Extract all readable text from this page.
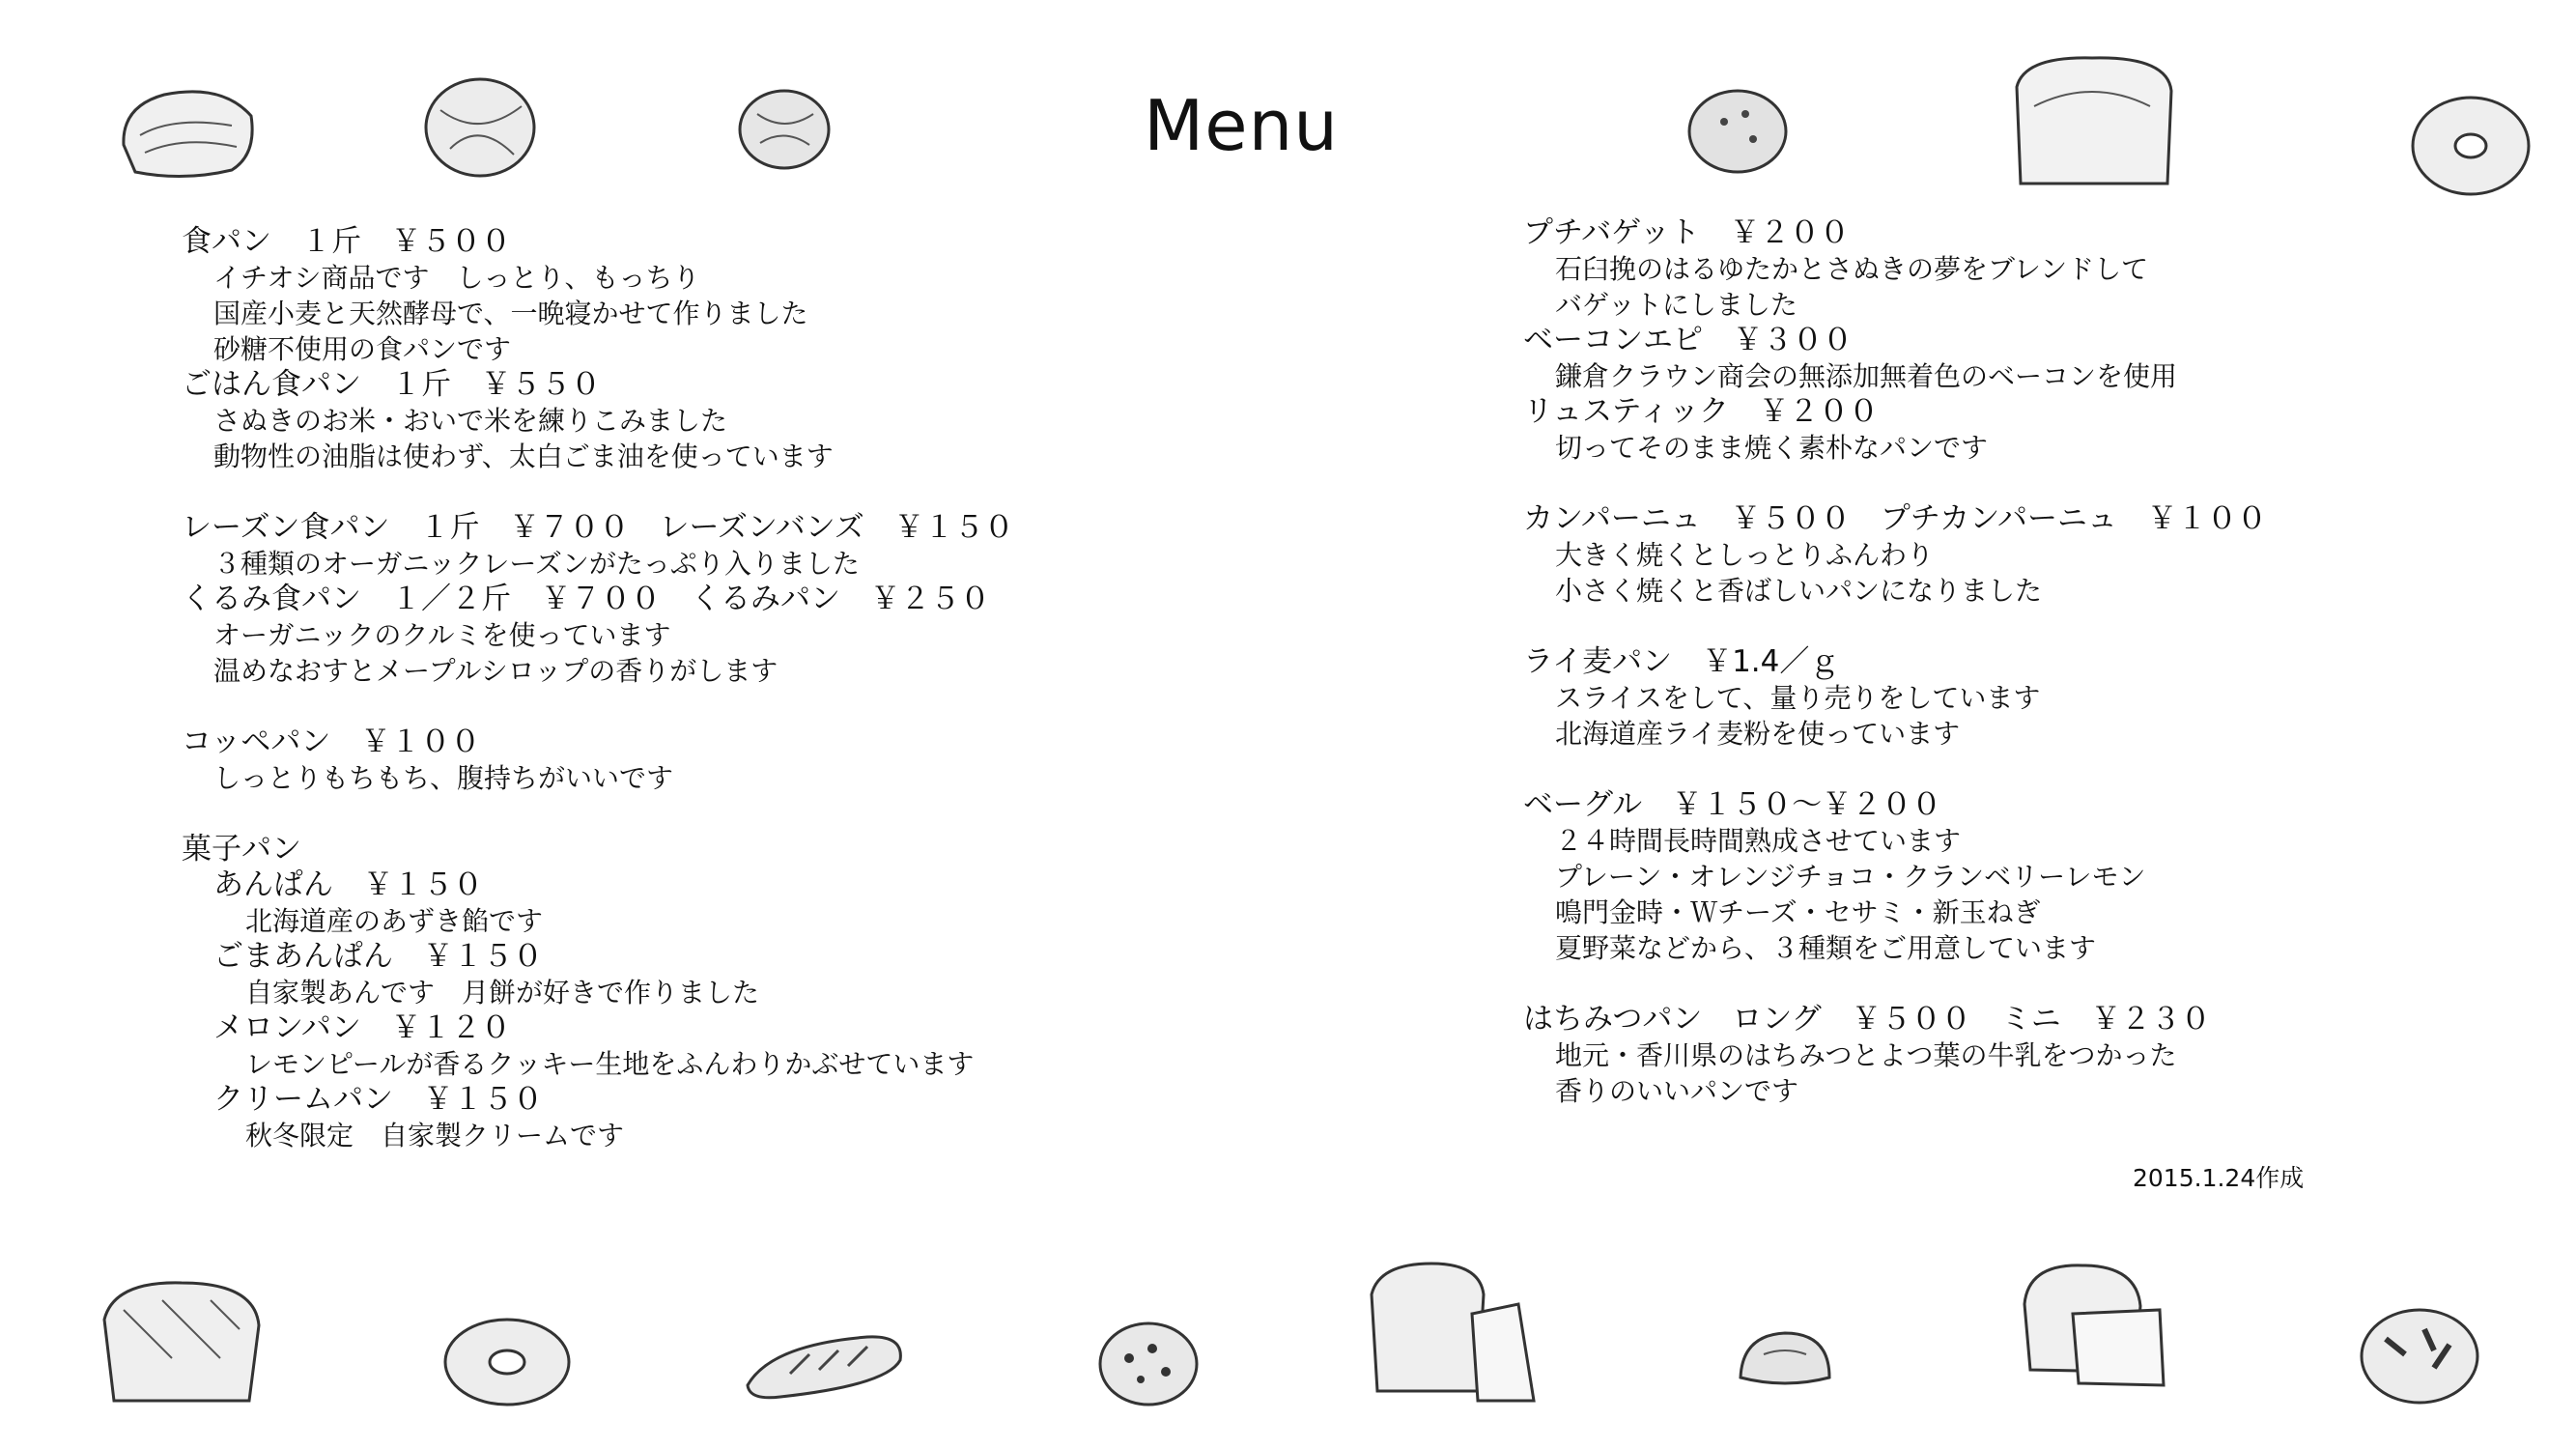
Menu
食パン　１斤　￥５００
イチオシ商品です　しっとり、もっちり
国産小麦と天然酵母で、一晩寝かせて作りました
砂糖不使用の食パンです
ごはん食パン　１斤　￥５５０
さぬきのお米・おいで米を練りこみました
動物性の油脂は使わず、太白ごま油を使っています
レーズン食パン　１斤　￥７００　レーズンバンズ　￥１５０
３種類のオーガニックレーズンがたっぷり入りました
くるみ食パン　１／２斤　￥７００　くるみパン　￥２５０
オーガニックのクルミを使っています
温めなおすとメープルシロップの香りがします
コッペパン　￥１００
しっとりもちもち、腹持ちがいいです
菓子パン
あんぱん　￥１５０
北海道産のあずき餡です
ごまあんぱん　￥１５０
自家製あんです　月餅が好きで作りました
メロンパン　￥１２０
レモンピールが香るクッキー生地をふんわりかぶせています
クリームパン　￥１５０
秋冬限定　自家製クリームです
プチバゲット　￥２００
石臼挽のはるゆたかとさぬきの夢をブレンドして
バゲットにしました
ベーコンエピ　￥３００
鎌倉クラウン商会の無添加無着色のベーコンを使用
リュスティック　￥２００
切ってそのまま焼く素朴なパンです
カンパーニュ　￥５００　プチカンパーニュ　￥１００
大きく焼くとしっとりふんわり
小さく焼くと香ばしいパンになりました
ライ麦パン　￥1.4／ｇ
スライスをして、量り売りをしています
北海道産ライ麦粉を使っています
ベーグル　￥１５０～￥２００
２４時間長時間熟成させています
プレーン・オレンジチョコ・クランベリーレモン
鳴門金時・Ｗチーズ・セサミ・新玉ねぎ
夏野菜などから、３種類をご用意しています
はちみつパン　ロング　￥５００　ミニ　￥２３０
地元・香川県のはちみつとよつ葉の牛乳をつかった
香りのいいパンです
2015.1.24作成
